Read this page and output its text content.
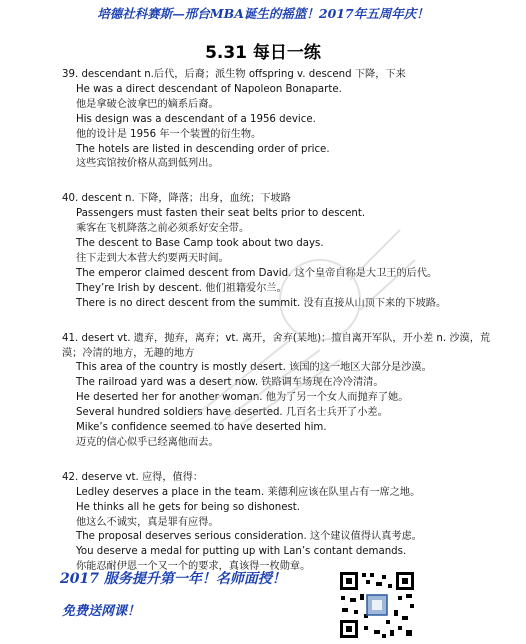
培德社科赛斯—邢台MBA诞生的摇篮！2017年五周年庆！
5.31 每日一练
39. descendant n.后代，后裔；派生物 offspring v. descend 下降，下来
He was a direct descendant of Napoleon Bonaparte.
他是拿破仑波拿巴的嫡系后裔。
His design was a descendant of a 1956 device.
他的设计是 1956 年一个装置的衍生物。
The hotels are listed in descending order of price.
这些宾馆按价格从高到低列出。
40. descent n. 下降，降落；出身，血统；下坡路
Passengers must fasten their seat belts prior to descent.
乘客在飞机降落之前必须系好安全带。
The descent to Base Camp took about two days.
往下走到大本营大约要两天时间。
The emperor claimed descent from David. 这个皇帝自称是大卫王的后代。
They’re Irish by descent. 他们祖籍爱尔兰。
There is no direct descent from the summit. 没有直接从山顶下来的下坡路。
41. desert vt. 遗弃，抛弃，离弃；vt. 离开，舍弃(某地)；擅自离开军队，开小差 n. 沙漠，荒漠；冷清的地方，无趣的地方
This area of the country is mostly desert. 该国的这一地区大部分是沙漠。
The railroad yard was a desert now. 铁路调车场现在冷冷清清。
He deserted her for another woman. 他为了另一个女人而抛弃了她。
Several hundred soldiers have deserted. 几百名士兵开了小差。
Mike’s confidence seemed to have deserted him.
迈克的信心似乎已经离他而去。
42. deserve vt. 应得，值得：
Ledley deserves a place in the team. 莱德利应该在队里占有一席之地。
He thinks all he gets for being so dishonest.
他这么不诚实，真是罪有应得。
The proposal deserves serious consideration. 这个建议值得认真考虑。
You deserve a medal for putting up with Lan’s contant demands.
你能忍耐伊恩一个又一个的要求，真该得一枚勋章。
2017 服务提升第一年！名师面授！
免费送网课！
